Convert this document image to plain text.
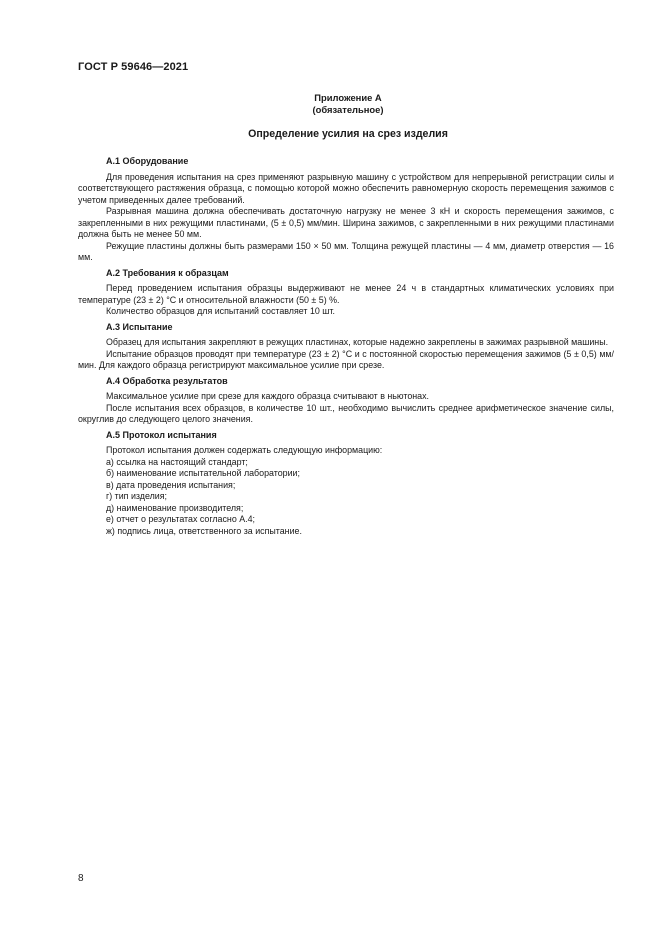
ГОСТ Р 59646—2021
Приложение А
(обязательное)
Определение усилия на срез изделия
А.1 Оборудование

Для проведения испытания на срез применяют разрывную машину с устройством для непрерывной регистрации силы и соответствующего растяжения образца, с помощью которой можно обеспечить равномерную скорость перемещения зажимов с учетом приведенных далее требований.

Разрывная машина должна обеспечивать достаточную нагрузку не менее 3 кН и скорость перемещения зажимов, с закрепленными в них режущими пластинами, (5 ± 0,5) мм/мин. Ширина зажимов, с закрепленными в них режущими пластинами должна быть не менее 50 мм.

Режущие пластины должны быть размерами 150 × 50 мм. Толщина режущей пластины — 4 мм, диаметр отверстия — 16 мм.

А.2 Требования к образцам

Перед проведением испытания образцы выдерживают не менее 24 ч в стандартных климатических условиях при температуре (23 ± 2) °С и относительной влажности (50 ± 5) %.

Количество образцов для испытаний составляет 10 шт.

А.3 Испытание

Образец для испытания закрепляют в режущих пластинах, которые надежно закреплены в зажимах разрывной машины.

Испытание образцов проводят при температуре (23 ± 2) °С и с постоянной скоростью перемещения зажимов (5 ± 0,5) мм/мин. Для каждого образца регистрируют максимальное усилие при срезе.

А.4 Обработка результатов

Максимальное усилие при срезе для каждого образца считывают в ньютонах.

После испытания всех образцов, в количестве 10 шт., необходимо вычислить среднее арифметическое значение силы, округлив до следующего целого значения.

А.5 Протокол испытания

Протокол испытания должен содержать следующую информацию:

а) ссылка на настоящий стандарт;
б) наименование испытательной лаборатории;
в) дата проведения испытания;
г) тип изделия;
д) наименование производителя;
е) отчет о результатах согласно А.4;
ж) подпись лица, ответственного за испытание.
8
